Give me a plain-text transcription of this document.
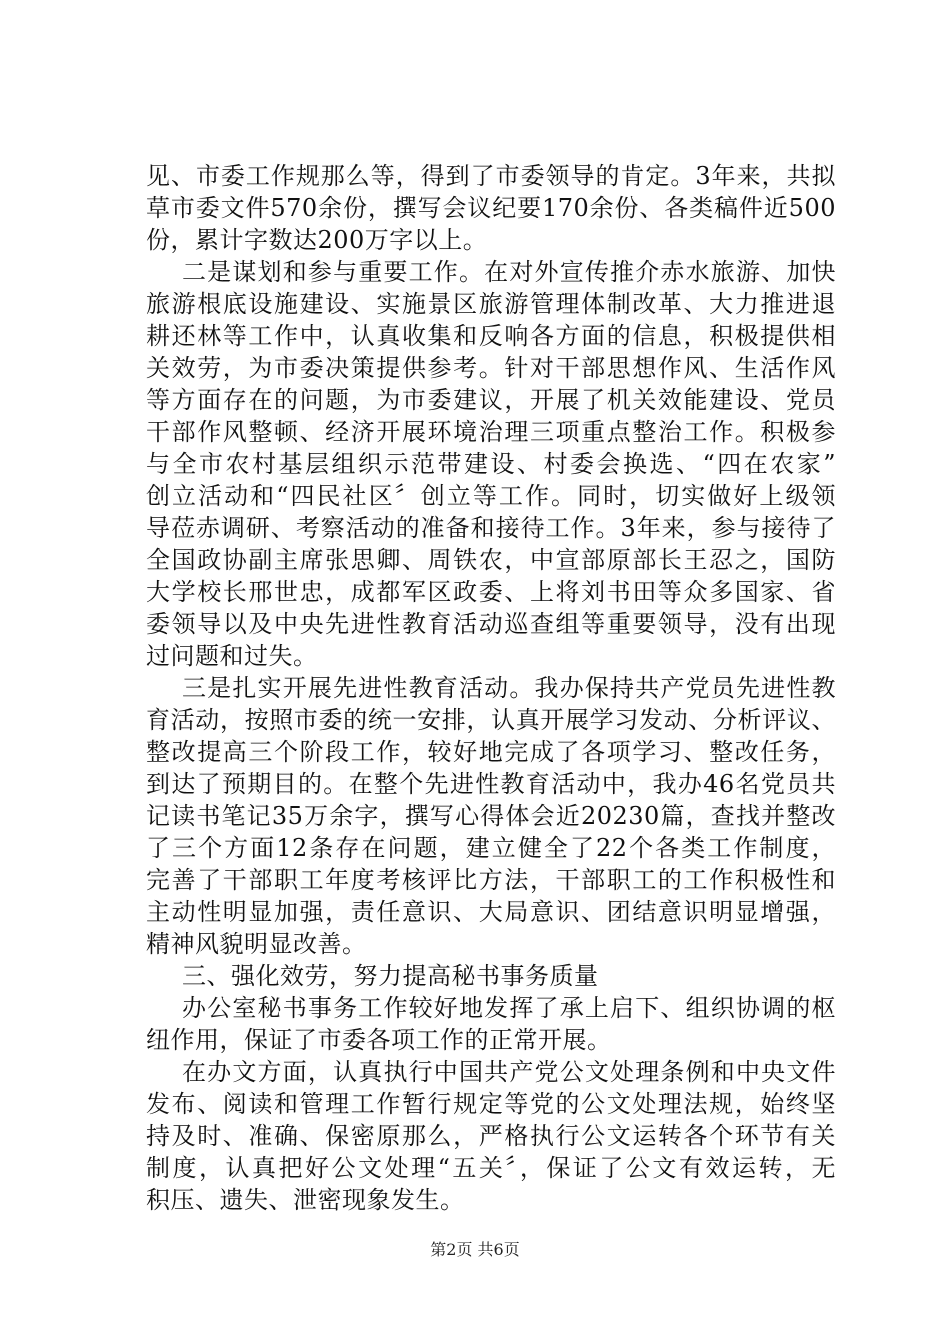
见、市委工作规那么等，得到了市委领导的肯定。3年来，共拟
草市委文件570余份，撰写会议纪要170余份、各类稿件近500
份，累计字数达200万字以上。
二是谋划和参与重要工作。在对外宣传推介赤水旅游、加快
旅游根底设施建设、实施景区旅游管理体制改革、大力推进退
耕还林等工作中，认真收集和反响各方面的信息，积极提供相
关效劳，为市委决策提供参考。针对干部思想作风、生活作风
等方面存在的问题，为市委建议，开展了机关效能建设、党员
干部作风整顿、经济开展环境治理三项重点整治工作。积极参
与全市农村基层组织示范带建设、村委会换选、“四在农家”
创立活动和“四民社区〞创立等工作。同时，切实做好上级领
导莅赤调研、考察活动的准备和接待工作。3年来，参与接待了
全国政协副主席张思卿、周铁农，中宣部原部长王忍之，国防
大学校长邢世忠，成都军区政委、上将刘书田等众多国家、省
委领导以及中央先进性教育活动巡查组等重要领导，没有出现
过问题和过失。
三是扎实开展先进性教育活动。我办保持共产党员先进性教
育活动，按照市委的统一安排，认真开展学习发动、分析评议、
整改提高三个阶段工作，较好地完成了各项学习、整改任务，
到达了预期目的。在整个先进性教育活动中，我办46名党员共
记读书笔记35万余字，撰写心得体会近20230篇，查找并整改
了三个方面12条存在问题，建立健全了22个各类工作制度，
完善了干部职工年度考核评比方法，干部职工的工作积极性和
主动性明显加强，责任意识、大局意识、团结意识明显增强，
精神风貌明显改善。
三、强化效劳，努力提高秘书事务质量
办公室秘书事务工作较好地发挥了承上启下、组织协调的枢
纽作用，保证了市委各项工作的正常开展。
在办文方面，认真执行中国共产党公文处理条例和中央文件
发布、阅读和管理工作暂行规定等党的公文处理法规，始终坚
持及时、准确、保密原那么，严格执行公文运转各个环节有关
制度，认真把好公文处理“五关〞，保证了公文有效运转，无
积压、遗失、泄密现象发生。
第2页 共6页
